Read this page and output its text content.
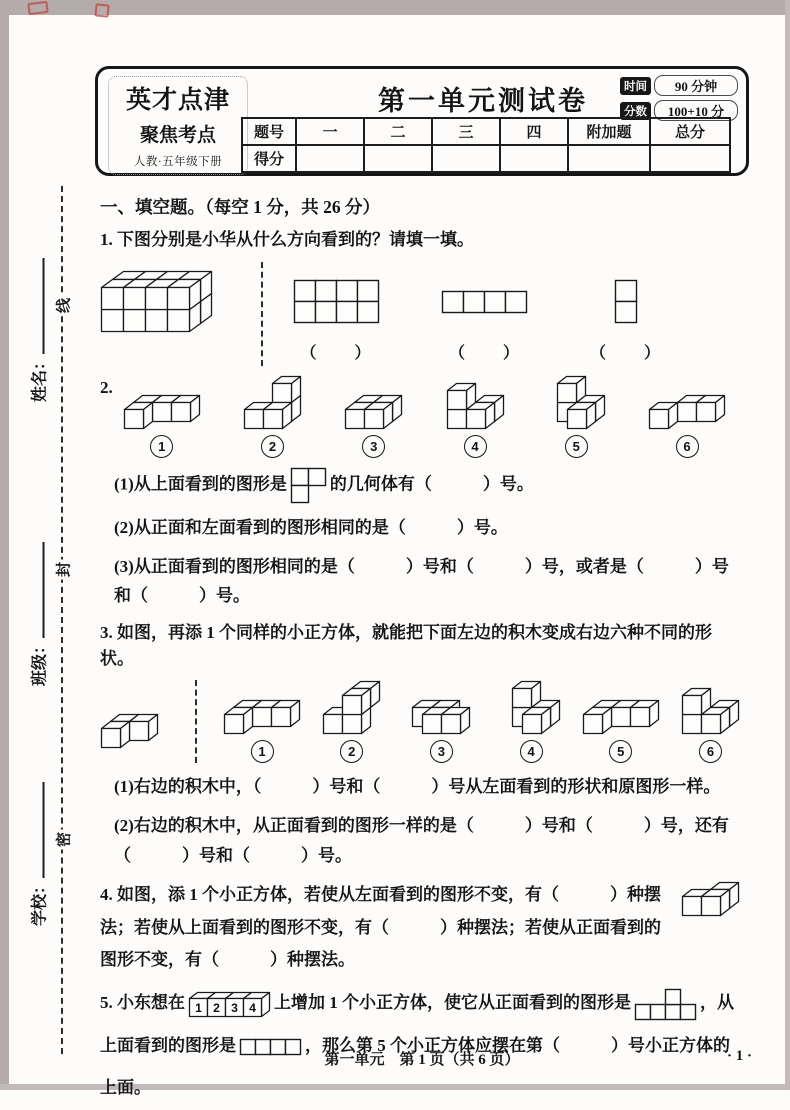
英才点津
聚焦考点
人教·五年级下册
第一单元测试卷	时间	90 分钟
分数	100+10 分
题号	一	二	三	四	附加题	总分
得分						
线
封
密
姓名：
班级：
学校：
一、填空题。（每空 1 分，共 26 分）
1. 下图分别是小华从什么方向看到的？请填一填。
（　　）	（　　）	（　　）
2.
1	2	3	4	5	6
(1)从上面看到的图形是	的几何体有（　　　）号。
(2)从正面和左面看到的图形相同的是（　　　）号。
(3)从正面看到的图形相同的是（　　　）号和（　　　）号，或者是（　　　）号和（　　　）号。
3. 如图，再添 1 个同样的小正方体，就能把下面左边的积木变成右边六种不同的形状。
1	2	3	4	5	6
(1)右边的积木中，（　　　）号和（　　　）号从左面看到的形状和原图形一样。
(2)右边的积木中，从正面看到的图形一样的是（　　　）号和（　　　）号，还有（　　　）号和（　　　）号。
4. 如图，添 1 个小正方体，若使从左面看到的图形不变，有（　　　）种摆法；若使从上面看到的图形不变，有（　　　）种摆法；若使从正面看到的图形不变，有（　　　）种摆法。
5. 小东想在 1 2 3 4 上增加 1 个小正方体，使它从正面看到的图形是	，从上面看到的图形是	，那么第 5 个小正方体应摆在第（　　　）号小正方体的上面。
第一单元　第 1 页（共 6 页）	· 1 ·
